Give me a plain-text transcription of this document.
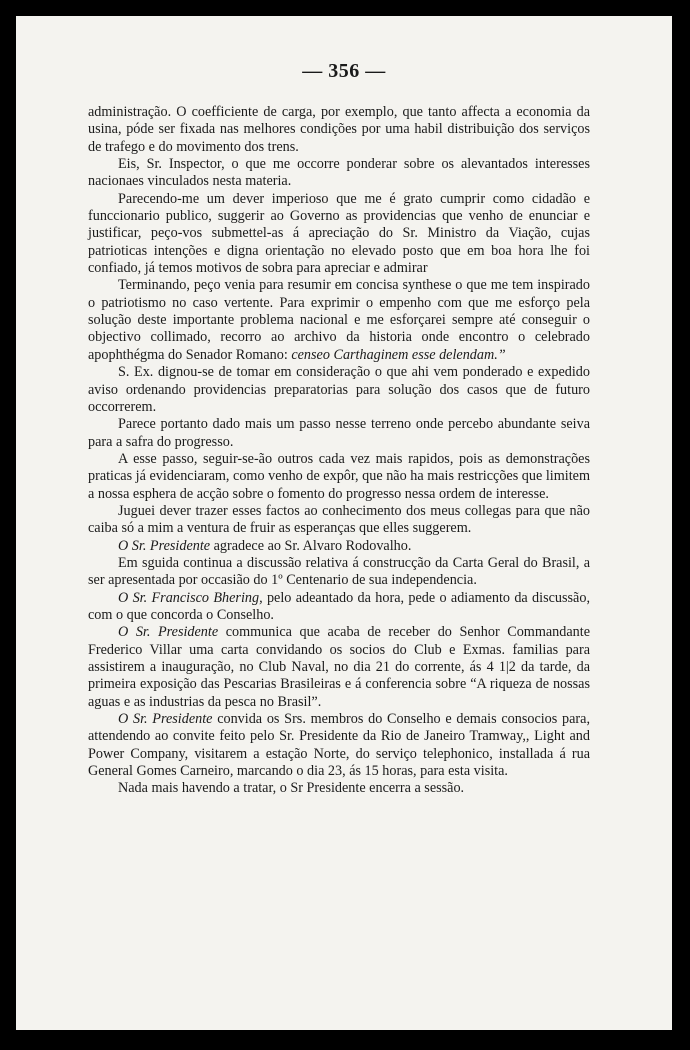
— 356 —

administração. O coefficiente de carga, por exemplo, que tanto affecta a economia da usina, póde ser fixada nas melhores condições por uma habil distribuição dos serviços de trafego e do movimento dos trens.

Eis, Sr. Inspector, o que me occorre ponderar sobre os alevantados interesses nacionaes vinculados nesta materia.

Parecendo-me um dever imperioso que me é grato cumprir como cidadão e funccionario publico, suggerir ao Governo as providencias que venho de enunciar e justificar, peço-vos submettel-as á apreciação do Sr. Ministro da Viação, cujas patrioticas intenções e digna orientação no elevado posto que em boa hora lhe foi confiado, já temos motivos de sobra para apreciar e admirar

Terminando, peço venia para resumir em concisa synthese o que me tem inspirado o patriotismo no caso vertente. Para exprimir o empenho com que me esforço pela solução deste importante problema nacional e me esforçarei sempre até conseguir o objectivo collimado, recorro ao archivo da historia onde encontro o celebrado apophthégma do Senador Romano: censeo Carthaginem esse delendam.”

S. Ex. dignou-se de tomar em consideração o que ahi vem ponderado e expedido aviso ordenando providencias preparatorias para solução dos casos que de futuro occorrerem.

Parece portanto dado mais um passo nesse terreno onde percebo abundante seiva para a safra do progresso.

A esse passo, seguir-se-ão outros cada vez mais rapidos, pois as demonstrações praticas já evidenciaram, como venho de expôr, que não ha mais restricções que limitem a nossa esphera de acção sobre o fomento do progresso nessa ordem de interesse.

Juguei dever trazer esses factos ao conhecimento dos meus collegas para que não caiba só a mim a ventura de fruir as esperanças que elles suggerem.

O Sr. Presidente agradece ao Sr. Alvaro Rodovalho.

Em sguida continua a discussão relativa á construcção da Carta Geral do Brasil, a ser apresentada por occasião do 1º Centenario de sua independencia.

O Sr. Francisco Bhering, pelo adeantado da hora, pede o adiamento da discussão, com o que concorda o Conselho.

O Sr. Presidente communica que acaba de receber do Senhor Commandante Frederico Villar uma carta convidando os socios do Club e Exmas. familias para assistirem a inauguração, no Club Naval, no dia 21 do corrente, ás 4 1|2 da tarde, da primeira exposição das Pescarias Brasileiras e á conferencia sobre “A riqueza de nossas aguas e as industrias da pesca no Brasil”.

O Sr. Presidente convida os Srs. membros do Conselho e demais consocios para, attendendo ao convite feito pelo Sr. Presidente da Rio de Janeiro Tramway,, Light and Power Company, visitarem a estação Norte, do serviço telephonico, installada á rua General Gomes Carneiro, marcando o dia 23, ás 15 horas, para esta visita.

Nada mais havendo a tratar, o Sr Presidente encerra a sessão.
